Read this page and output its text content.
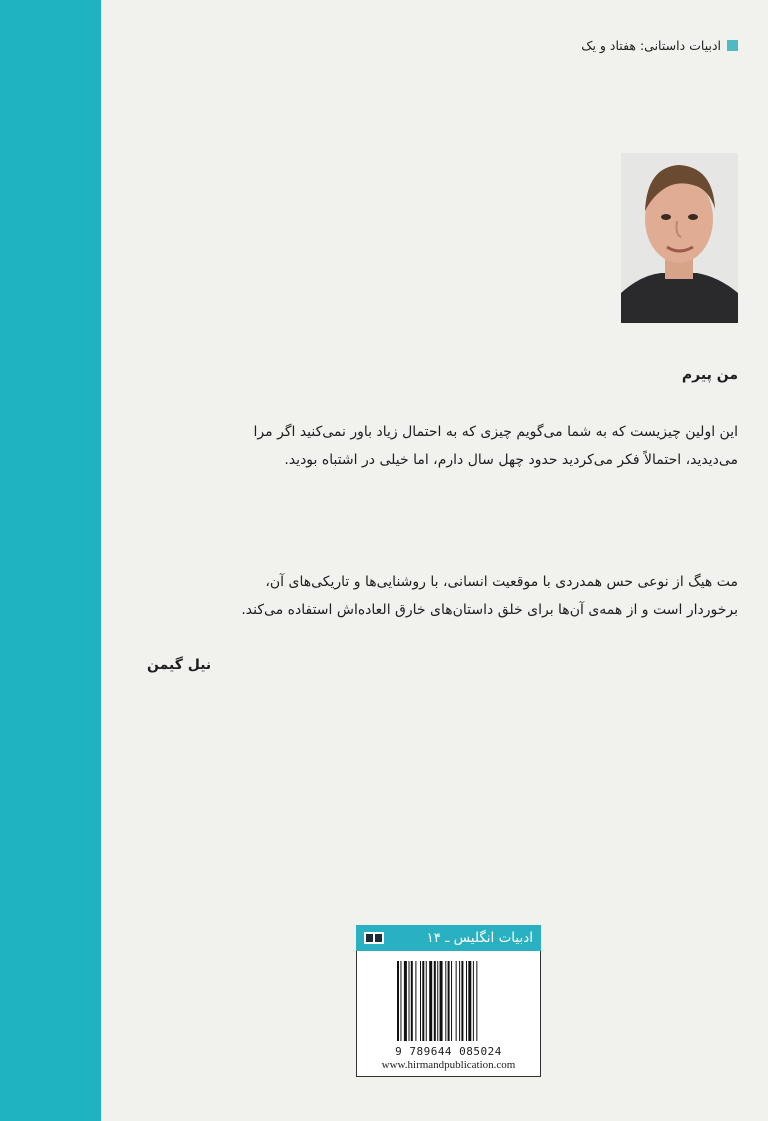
ادبیات داستانی: هفتاد و یک
من پیرم
این اولین چیزیست که به شما می‌گویم چیزی که به احتمال زیاد باور نمی‌کنید اگر مرا
می‌دیدید، احتمالاً فکر می‌کردید حدود چهل سال دارم، اما خیلی در اشتباه بودید.
مت هیگ از نوعی حس همدردی با موقعیت انسانی، با روشنایی‌ها و تاریکی‌های آن،
برخوردار است و از همه‌ی آن‌ها برای خلق داستان‌های خارق العاده‌اش استفاده می‌کند.
نیل گیمن
ادبیات انگلیس ـ ۱۴
9 789644 085024
www.hirmandpublication.com
